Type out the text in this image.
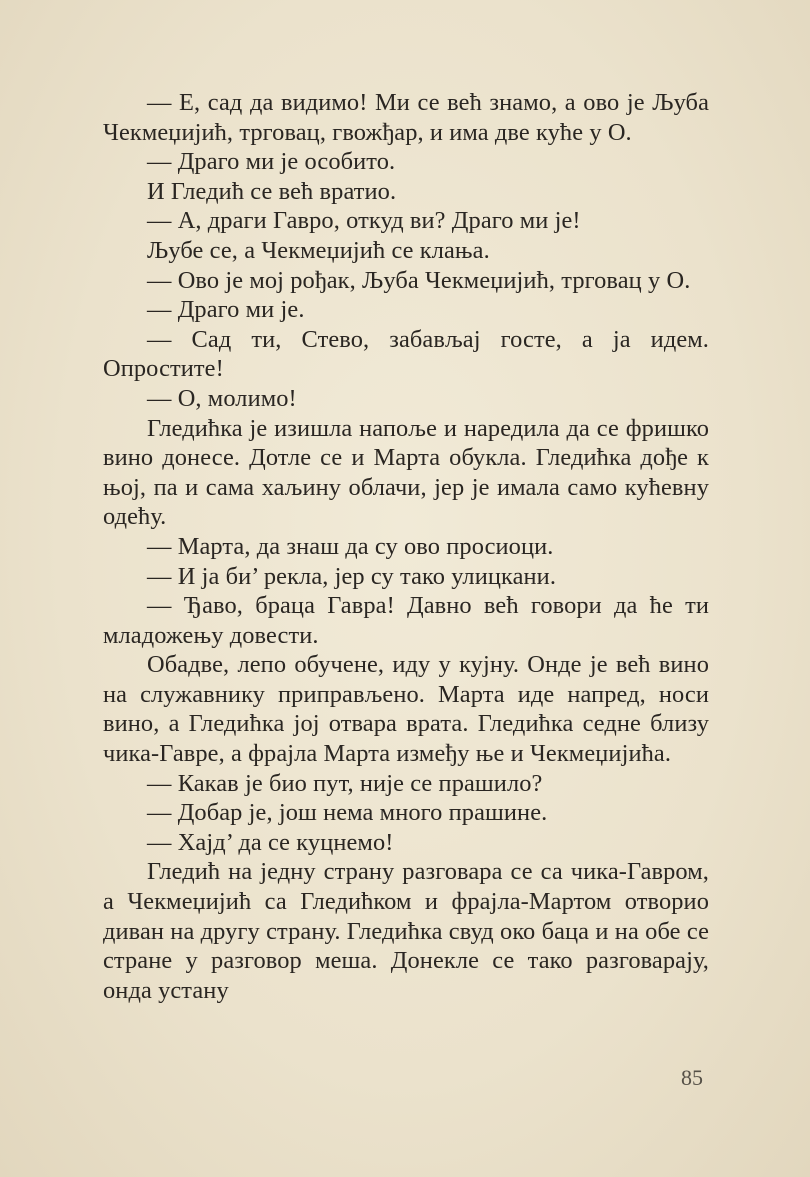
— Е, сад да видимо! Ми се већ знамо, а ово је Љуба Чекмеџијић, трговац, гвожђар, и има две куће у О.

— Драго ми је особито.

И Гледић се већ вратио.

— А, драги Гавро, откуд ви? Драго ми је!

Љубе се, а Чекмеџијић се клања.

— Ово је мој рођак, Љуба Чекмеџијић, трговац у О.

— Драго ми је.

— Сад ти, Стево, забављај госте, а ја идем. Опростите!

— О, молимо!

Гледићка је изишла напоље и наредила да се фришко вино донесе. Дотле се и Марта обукла. Гледићка дође к њој, па и сама хаљину облачи, јер је имала само кућевну одећу.

— Марта, да знаш да су ово просиоци.

— И ја би’ рекла, јер су тако улицкани.

— Ђаво, браца Гавра! Давно већ говори да ће ти младожењу довести.

Обадве, лепо обучене, иду у кујну. Онде је већ вино на служавнику приправљено. Марта иде напред, носи вино, а Гледићка јој отвара врата. Гледићка седне близу чика-Гавре, а фрајла Марта између ње и Чекмеџијића.

— Какав је био пут, није се прашило?

— Добар је, још нема много прашине.

— Хајд’ да се куцнемо!

Гледић на једну страну разговара се са чика-Гавром, а Чекмеџијић са Гледићком и фрајла-Мартом отворио диван на другу страну. Гледићка свуд око баца и на обе се стране у разговор меша. Донекле се тако разговарају, онда устану

85
